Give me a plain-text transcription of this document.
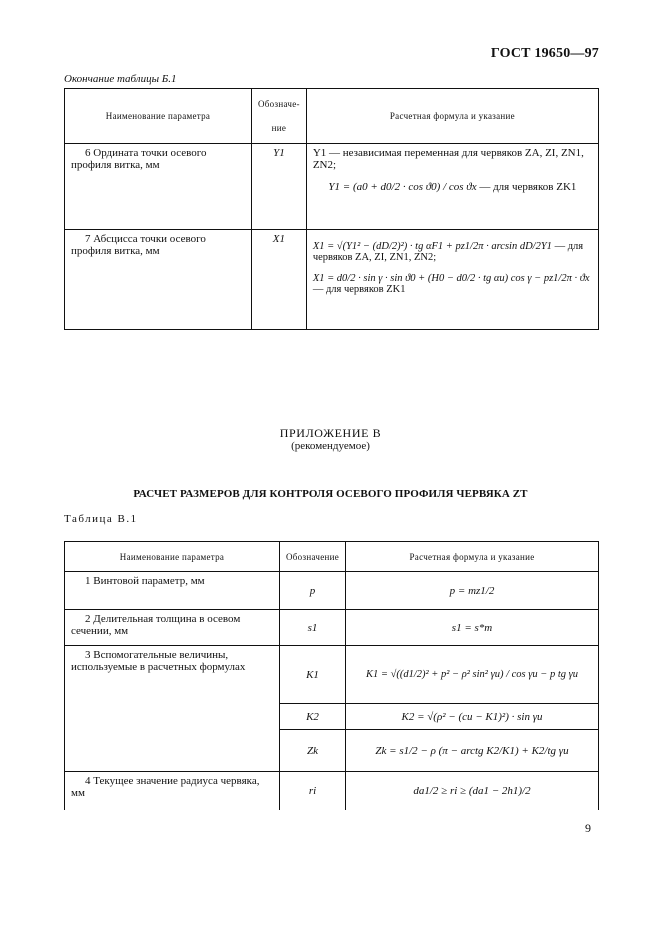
ГОСТ 19650—97
Окончание таблицы Б.1
Наименование параметра	Обозначе-ние	Расчетная формула и указание
6 Ордината точки осевого профиля витка, мм	Y1	Y1 — независимая переменная для червяков ZA, ZI, ZN1, ZN2;
Y1 = (a0 + d0/2 · cos ϑ0) / cos ϑx — для червяков ZK1

7 Абсцисса точки осевого профиля витка, мм	X1	X1 = √(Y1² − (dD/2)²) · tg αF1 + pz1/2π · arcsin dD/2Y1 — для червяков ZA, ZI, ZN1, ZN2;
X1 = d0/2 · sin γ · sin ϑ0 + (H0 − d0/2 · tg αu) cos γ − pz1/2π · ϑx — для червяков ZK1
ПРИЛОЖЕНИЕ В
(рекомендуемое)
РАСЧЕТ РАЗМЕРОВ ДЛЯ КОНТРОЛЯ ОСЕВОГО ПРОФИЛЯ ЧЕРВЯКА ZT
Таблица В.1
Наименование параметра	Обозначение	Расчетная формула и указание
1 Винтовой параметр, мм	p	p = mz1/2
2 Делительная толщина в осевом сечении, мм	s1	s1 = s*m
3 Вспомогательные величины, используемые в расчетных формулах	K1	K1 = √((d1/2)² + p² − ρ² sin² γu) / cos γu − p tg γu
	K2	K2 = √(ρ² − (cu − K1)²) · sin γu
	Zk	Zk = s1/2 − ρ (π − arctg K2/K1) + K2/tg γu
4 Текущее значение радиуса червяка, мм	ri	da1/2 ≥ ri ≥ (da1 − 2h1)/2
9
